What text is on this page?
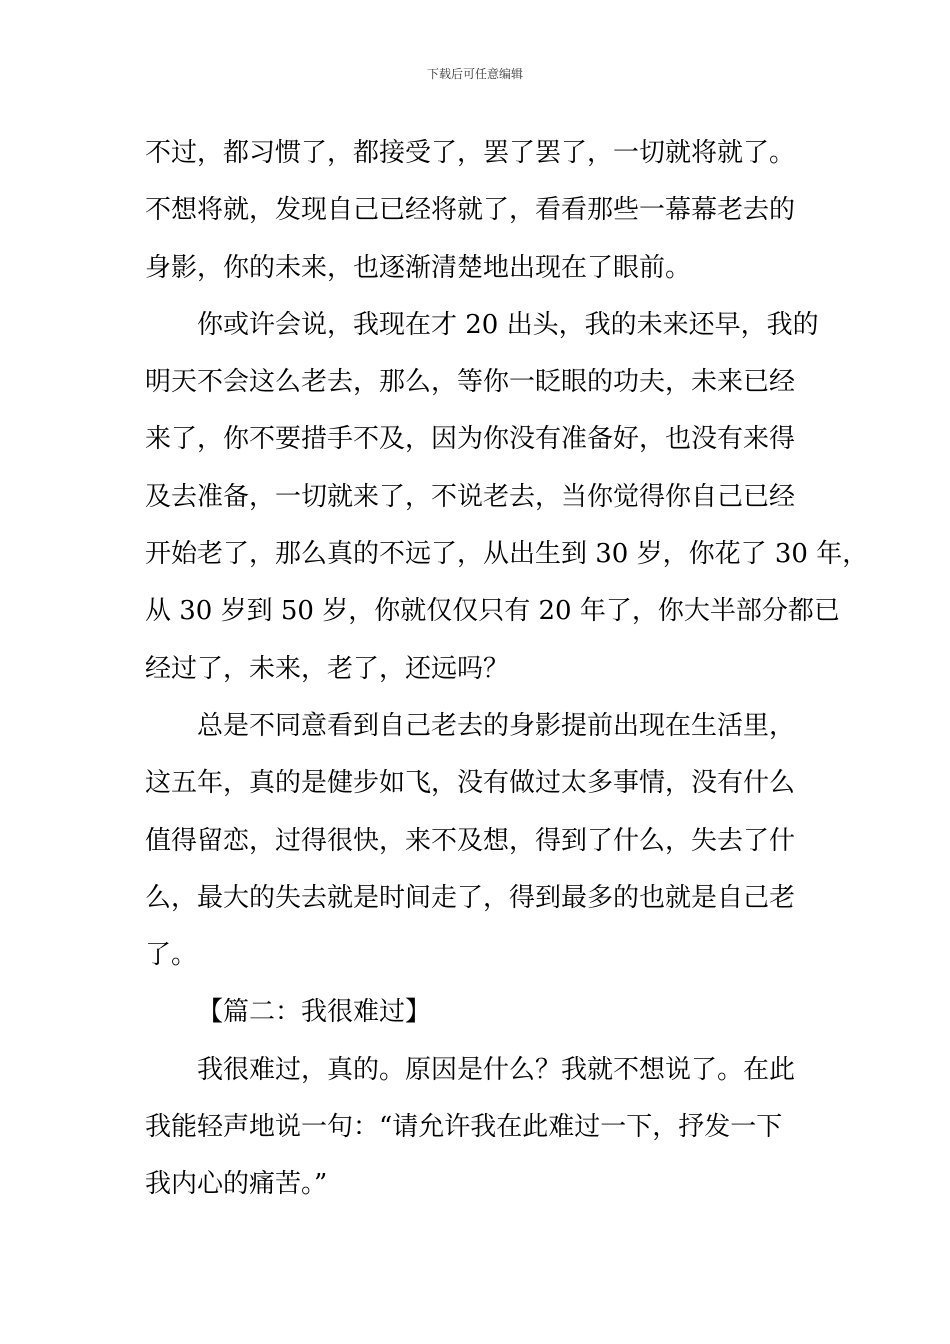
下载后可任意编辑
不过，都习惯了，都接受了，罢了罢了，一切就将就了。
不想将就，发现自己已经将就了，看看那些一幕幕老去的
身影，你的未来，也逐渐清楚地出现在了眼前。
你或许会说，我现在才 20 出头，我的未来还早，我的
明天不会这么老去，那么，等你一眨眼的功夫，未来已经
来了，你不要措手不及，因为你没有准备好，也没有来得
及去准备，一切就来了，不说老去，当你觉得你自己已经
开始老了，那么真的不远了，从出生到 30 岁，你花了 30 年，
从 30 岁到 50 岁，你就仅仅只有 20 年了，你大半部分都已
经过了，未来，老了，还远吗？
总是不同意看到自己老去的身影提前出现在生活里，
这五年，真的是健步如飞，没有做过太多事情，没有什么
值得留恋，过得很快，来不及想，得到了什么，失去了什
么，最大的失去就是时间走了，得到最多的也就是自己老
了。
【篇二：我很难过】
我很难过，真的。原因是什么？我就不想说了。在此
我能轻声地说一句：“请允许我在此难过一下，抒发一下
我内心的痛苦。”
